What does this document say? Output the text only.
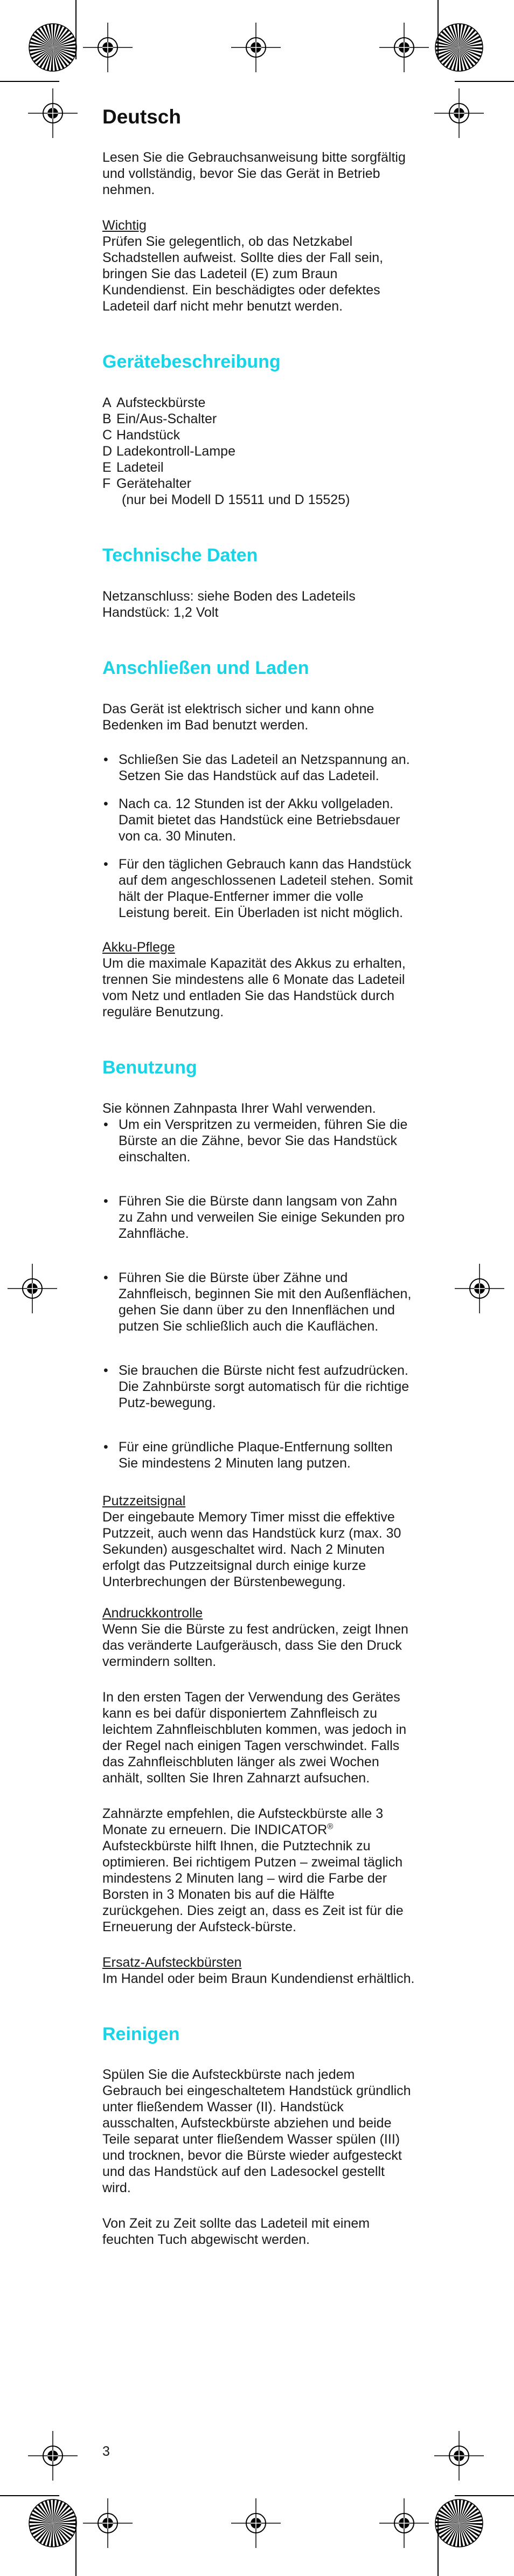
Deutsch

Lesen Sie die Gebrauchsanweisung bitte sorgfältig und vollständig, bevor Sie das Gerät in Betrieb nehmen.

Wichtig

Prüfen Sie gelegentlich, ob das Netzkabel Schadstellen aufweist. Sollte dies der Fall sein, bringen Sie das Ladeteil (E) zum Braun Kundendienst. Ein beschädigtes oder defektes Ladeteil darf nicht mehr benutzt werden.

Gerätebeschreibung
A Aufsteckbürste
B Ein/Aus-Schalter
C Handstück
D Ladekontroll-Lampe
E Ladeteil
F Gerätehalter
(nur bei Modell D 15511 und D 15525)
Technische Daten

Netzanschluss: siehe Boden des Ladeteils

Handstück: 1,2 Volt

Anschließen und Laden

Das Gerät ist elektrisch sicher und kann ohne Bedenken im Bad benutzt werden.

• Schließen Sie das Ladeteil an Netzspannung an. Setzen Sie das Handstück auf das Ladeteil.
• Nach ca. 12 Stunden ist der Akku vollgeladen. Damit bietet das Handstück eine Betriebsdauer von ca. 30 Minuten.
• Für den täglichen Gebrauch kann das Handstück auf dem angeschlossenen Ladeteil stehen. Somit hält der Plaque-Entferner immer die volle Leistung bereit. Ein Überladen ist nicht möglich.
Akku-Pflege

Um die maximale Kapazität des Akkus zu erhalten, trennen Sie mindestens alle 6 Monate das Ladeteil vom Netz und entladen Sie das Handstück durch reguläre Benutzung.

Benutzung

Sie können Zahnpasta Ihrer Wahl verwenden.

• Um ein Verspritzen zu vermeiden, führen Sie die Bürste an die Zähne, bevor Sie das Handstück einschalten.
• Führen Sie die Bürste dann langsam von Zahn zu Zahn und verweilen Sie einige Sekunden pro Zahnfläche.
• Führen Sie die Bürste über Zähne und Zahnfleisch, beginnen Sie mit den Außenflächen, gehen Sie dann über zu den Innenflächen und putzen Sie schließlich auch die Kauflächen.
• Sie brauchen die Bürste nicht fest aufzudrücken. Die Zahnbürste sorgt automatisch für die richtige Putz-bewegung.
• Für eine gründliche Plaque-Entfernung sollten Sie mindestens 2 Minuten lang putzen.
Putzzeitsignal

Der eingebaute Memory Timer misst die effektive Putzzeit, auch wenn das Handstück kurz (max. 30 Sekunden) ausgeschaltet wird. Nach 2 Minuten erfolgt das Putzzeitsignal durch einige kurze Unterbrechungen der Bürstenbewegung.

Andruckkontrolle

Wenn Sie die Bürste zu fest andrücken, zeigt Ihnen das veränderte Laufgeräusch, dass Sie den Druck vermindern sollten.

In den ersten Tagen der Verwendung des Gerätes kann es bei dafür disponiertem Zahnfleisch zu leichtem Zahnfleischbluten kommen, was jedoch in der Regel nach einigen Tagen verschwindet. Falls das Zahnfleischbluten länger als zwei Wochen anhält, sollten Sie Ihren Zahnarzt aufsuchen.

Zahnärzte empfehlen, die Aufsteckbürste alle 3 Monate zu erneuern. Die INDICATOR® Aufsteckbürste hilft Ihnen, die Putztechnik zu optimieren. Bei richtigem Putzen – zweimal täglich mindestens 2 Minuten lang – wird die Farbe der Borsten in 3 Monaten bis auf die Hälfte zurückgehen. Dies zeigt an, dass es Zeit ist für die Erneuerung der Aufsteck-bürste.

Ersatz-Aufsteckbürsten

Im Handel oder beim Braun Kundendienst erhältlich.

Reinigen

Spülen Sie die Aufsteckbürste nach jedem Gebrauch bei eingeschaltetem Handstück gründlich unter fließendem Wasser (II). Handstück ausschalten, Aufsteckbürste abziehen und beide Teile separat unter fließendem Wasser spülen (III) und trocknen, bevor die Bürste wieder aufgesteckt und das Handstück auf den Ladesockel gestellt wird.

Von Zeit zu Zeit sollte das Ladeteil mit einem feuchten Tuch abgewischt werden.

3
